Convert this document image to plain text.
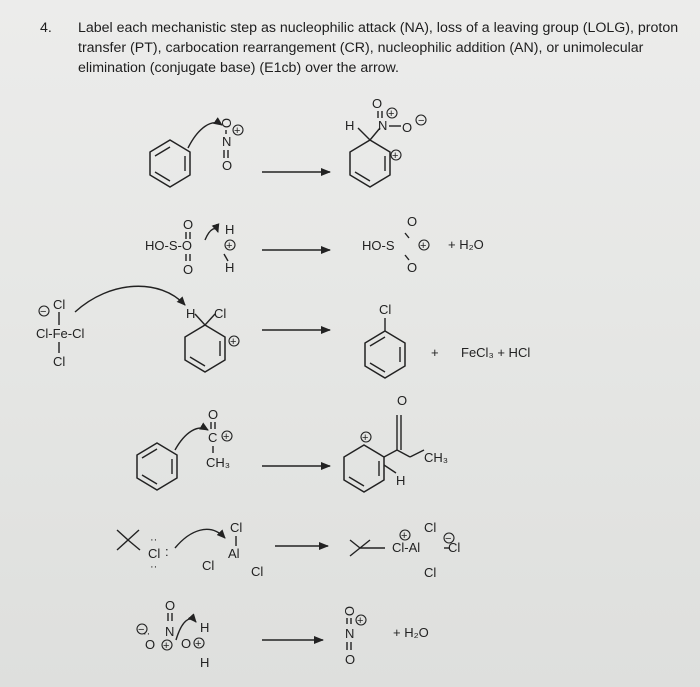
4. Label each mechanistic step as nucleophilic attack (NA), loss of a leaving group (LOLG), proton transfer (PT), carbocation rearrangement (CR), nucleophilic addition (AN), or unimolecular elimination (conjugate base) (E1cb) over the arrow.
O
N
O
+	H N
O
O
+
−
+
HO-S-O
O
O
H
H
+	HO-S
O
O
+ + H₂O
Cl
Cl-Fe-Cl
Cl
−	H Cl
+
Cl
+ FeCl₃ + HCl
O
C +
CH₃
+
O
CH₃
H
Cl
··
··
:
Cl
Al
Cl	Cl
+
Cl
Cl-Al Cl
−
Cl
O
N
−
O
··
+ O +
H
H
O
N
+
O
+ H₂O
